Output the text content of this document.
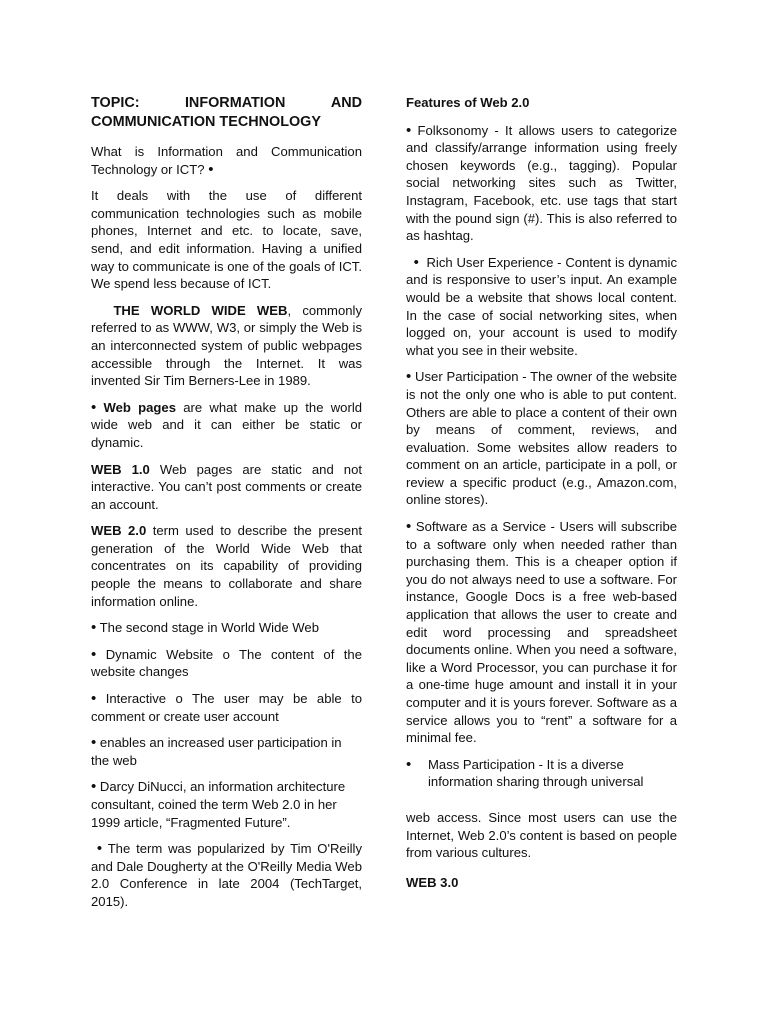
TOPIC:	INFORMATION	AND
COMMUNICATION TECHNOLOGY

What is Information and Communication Technology or ICT? •

It deals with the use of different communication technologies such as mobile phones, Internet and etc. to locate, save, send, and edit information. Having a unified way to communicate is one of the goals of ICT. We spend less because of ICT.

THE WORLD WIDE WEB, commonly referred to as WWW, W3, or simply the Web is an interconnected system of public webpages accessible through the Internet. It was invented Sir Tim Berners-Lee in 1989.

• Web pages are what make up the world wide web and it can either be static or dynamic.

WEB 1.0 Web pages are static and not interactive. You can’t post comments or create an account.

WEB 2.0 term used to describe the present generation of the World Wide Web that concentrates on its capability of providing people the means to collaborate and share information online.

• The second stage in World Wide Web

• Dynamic Website o The content of the website changes

• Interactive o The user may be able to comment or create user account

• enables an increased user participation in the web

• Darcy DiNucci, an information architecture consultant, coined the term Web 2.0 in her 1999 article, “Fragmented Future”.

• The term was popularized by Tim O'Reilly and Dale Dougherty at the O'Reilly Media Web 2.0 Conference in late 2004 (TechTarget, 2015).

Features of Web 2.0

• Folksonomy - It allows users to categorize and classify/arrange information using freely chosen keywords (e.g., tagging). Popular social networking sites such as Twitter, Instagram, Facebook, etc. use tags that start with the pound sign (#). This is also referred to as hashtag.

• Rich User Experience - Content is dynamic and is responsive to user’s input. An example would be a website that shows local content. In the case of social networking sites, when logged on, your account is used to modify what you see in their website.

• User Participation - The owner of the website is not the only one who is able to put content. Others are able to place a content of their own by means of comment, reviews, and evaluation. Some websites allow readers to comment on an article, participate in a poll, or review a specific product (e.g., Amazon.com, online stores).

• Software as a Service - Users will subscribe to a software only when needed rather than purchasing them. This is a cheaper option if you do not always need to use a software. For instance, Google Docs is a free web-based application that allows the user to create and edit word processing and spreadsheet documents online. When you need a software, like a Word Processor, you can purchase it for a one-time huge amount and install it in your computer and it is yours forever. Software as a service allows you to “rent” a software for a minimal fee.

•	Mass Participation - It is a diverse information sharing through universal

web access. Since most users can use the Internet, Web 2.0’s content is based on people from various cultures.

WEB 3.0
